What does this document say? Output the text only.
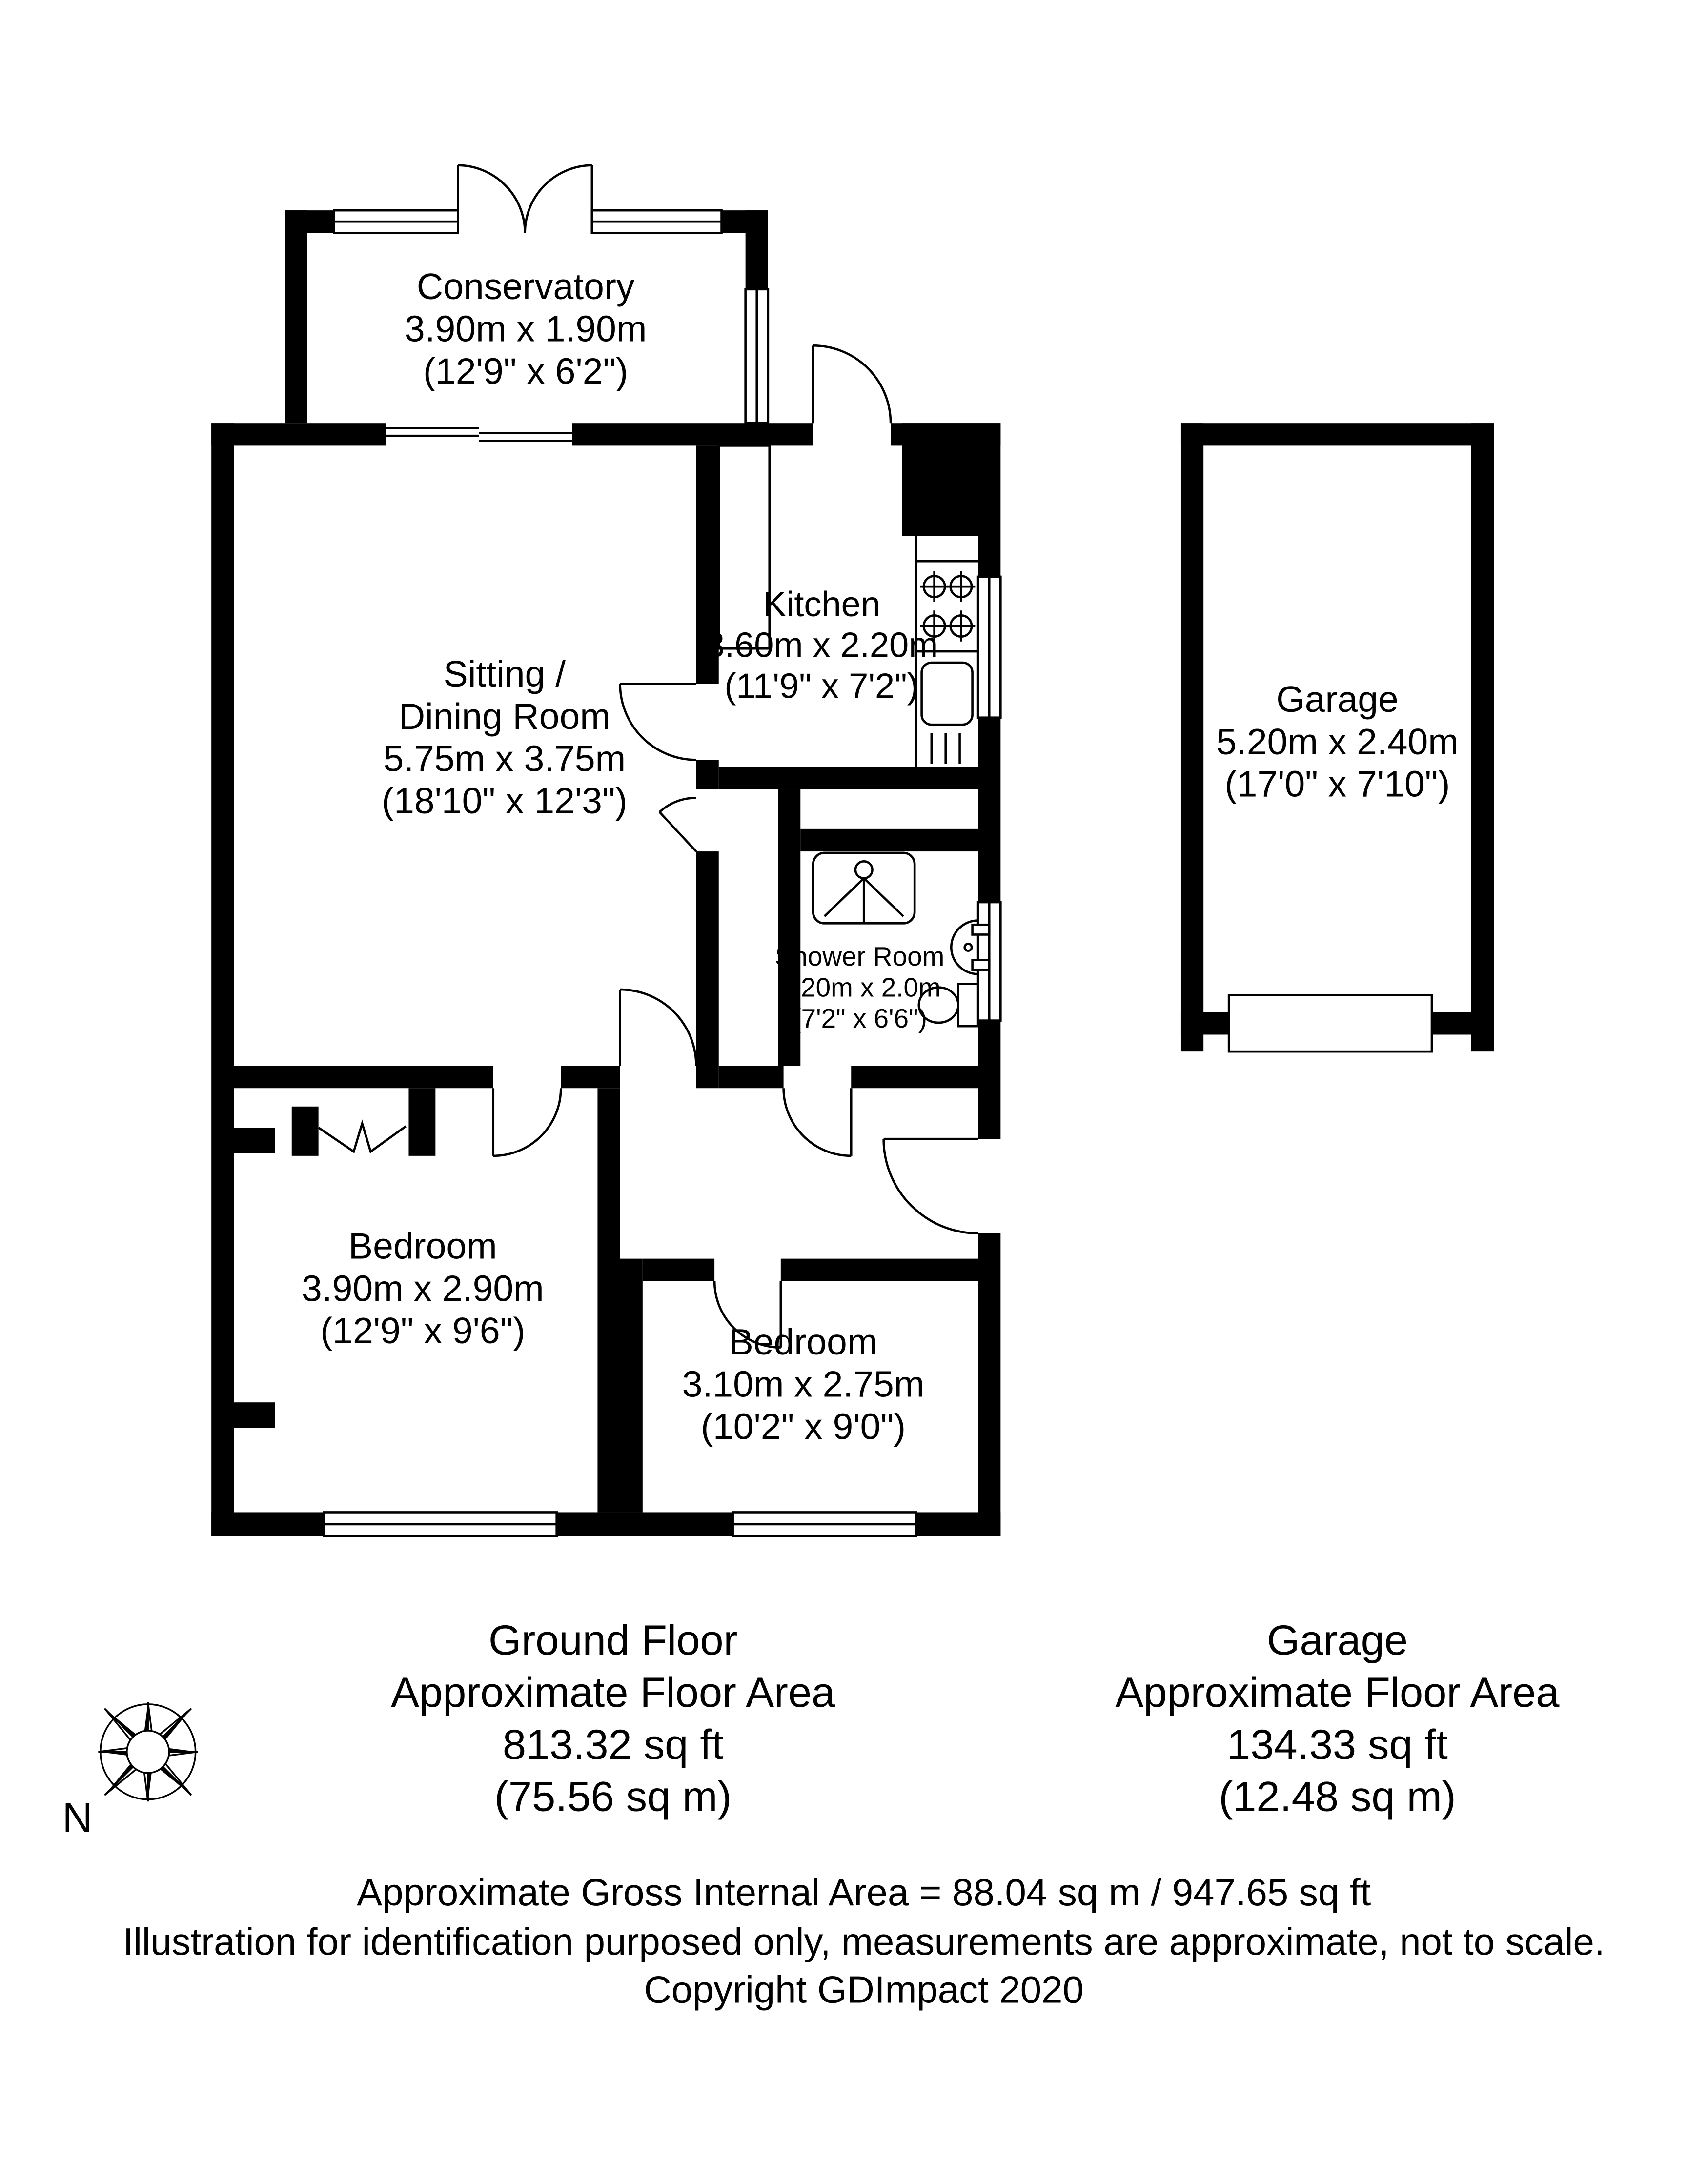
Conservatory
3.90m x 1.90m
(12'9" x 6'2")
Sitting /
Dining Room
5.75m x 3.75m
(18'10" x 12'3")
Kitchen
3.60m x 2.20m
(11'9" x 7'2")
Shower Room
2.20m x 2.0m
(7'2" x 6'6")
Bedroom
3.90m x 2.90m
(12'9" x 9'6")	Bedroom
3.10m x 2.75m
(10'2" x 9'0")
Garage
5.20m x 2.40m
(17'0" x 7'10")
N
Ground Floor
Approximate Floor Area
813.32 sq ft
(75.56 sq m)
Garage
Approximate Floor Area
134.33 sq ft
(12.48 sq m)
Approximate Gross Internal Area = 88.04 sq m / 947.65 sq ft
Illustration for identification purposed only, measurements are approximate, not to scale.
Copyright GDImpact 2020
